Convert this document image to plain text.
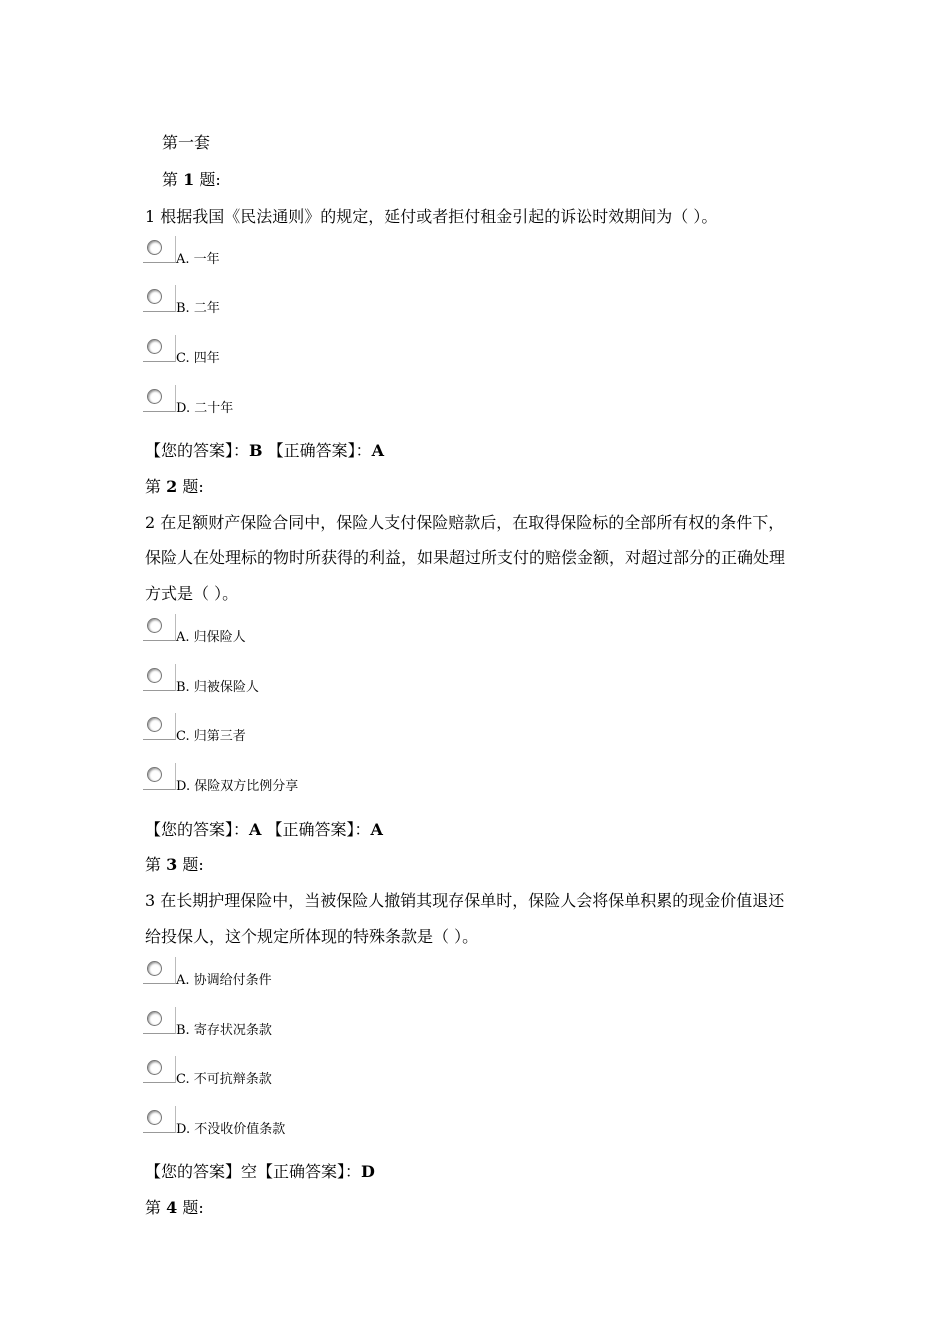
第一套
第 1 题:
1 根据我国《民法通则》的规定，延付或者拒付租金引起的诉讼时效期间为（ ）。
A. 一年
B. 二年
C. 四年
D. 二十年
【您的答案】：B 【正确答案】：A
第 2 题:
2 在足额财产保险合同中，保险人支付保险赔款后，在取得保险标的全部所有权的条件下，
保险人在处理标的物时所获得的利益，如果超过所支付的赔偿金额，对超过部分的正确处理
方式是（ ）。
A. 归保险人
B. 归被保险人
C. 归第三者
D. 保险双方比例分享
【您的答案】：A 【正确答案】：A
第 3 题:
3 在长期护理保险中，当被保险人撤销其现存保单时，保险人会将保单积累的现金价值退还
给投保人，这个规定所体现的特殊条款是（ ）。
A. 协调给付条件
B. 寄存状况条款
C. 不可抗辩条款
D. 不没收价值条款
【您的答案】空【正确答案】：D
第 4 题:
